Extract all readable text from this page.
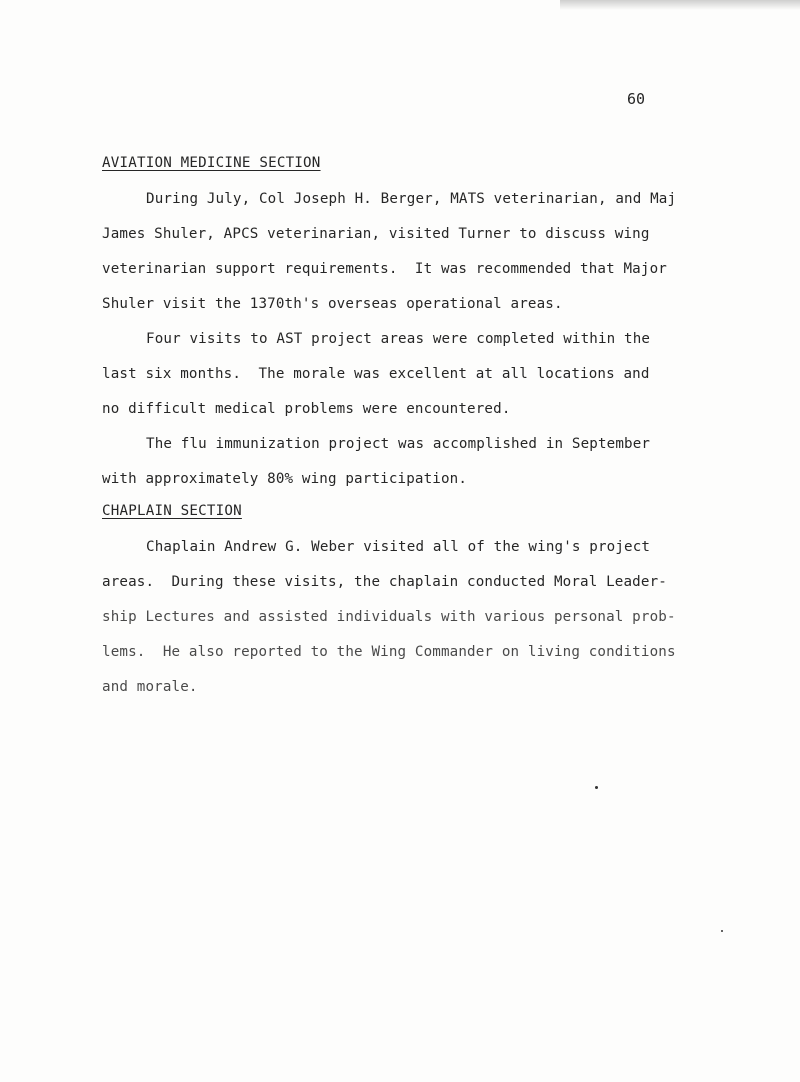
60
AVIATION MEDICINE SECTION
During July, Col Joseph H. Berger, MATS veterinarian, and Maj
James Shuler, APCS veterinarian, visited Turner to discuss wing
veterinarian support requirements.  It was recommended that Major
Shuler visit the 1370th's overseas operational areas.
Four visits to AST project areas were completed within the
last six months.  The morale was excellent at all locations and
no difficult medical problems were encountered.
The flu immunization project was accomplished in September
with approximately 80% wing participation.
CHAPLAIN SECTION
Chaplain Andrew G. Weber visited all of the wing's project
areas.  During these visits, the chaplain conducted Moral Leader-
ship Lectures and assisted individuals with various personal prob-
lems.  He also reported to the Wing Commander on living conditions
and morale.
